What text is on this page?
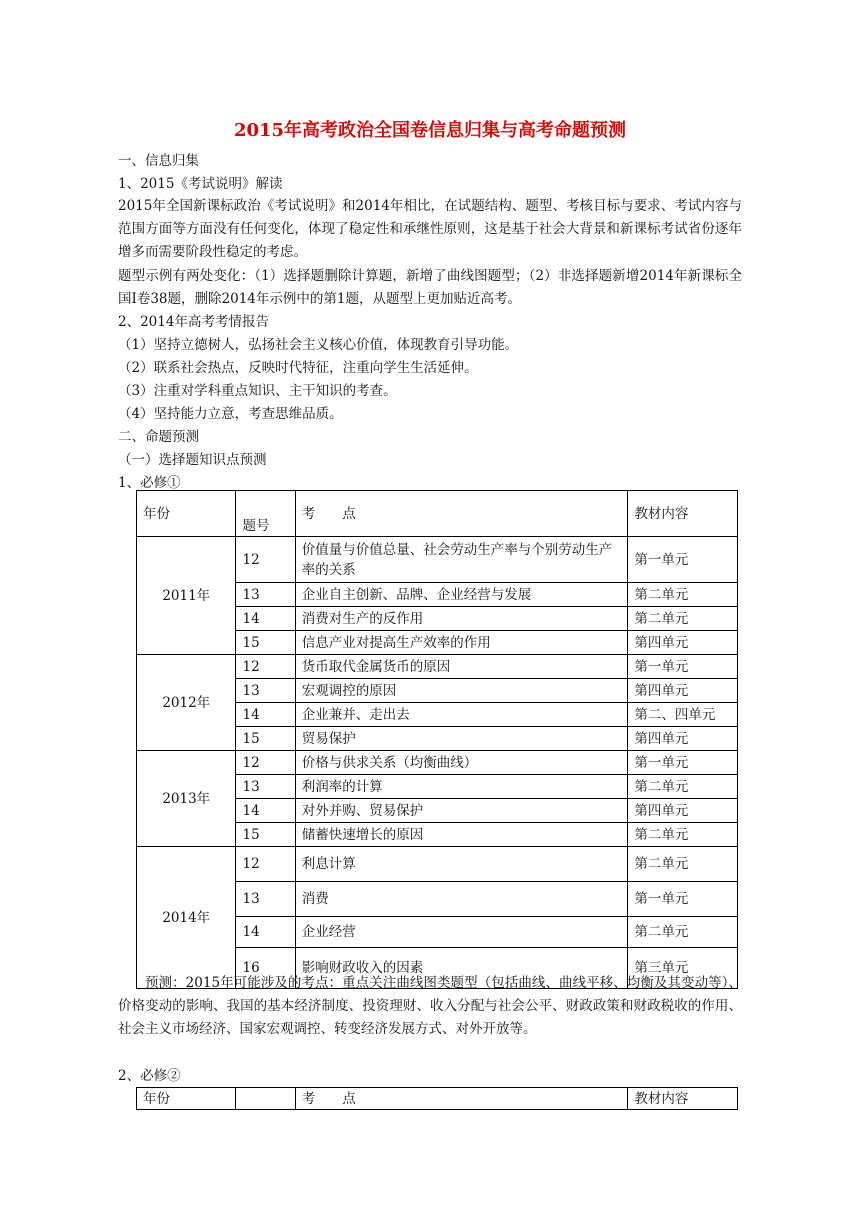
2015年高考政治全国卷信息归集与高考命题预测
一、信息归集
1、2015《考试说明》解读
2015年全国新课标政治《考试说明》和2014年相比，在试题结构、题型、考核目标与要求、考试内容与范围方面等方面没有任何变化，体现了稳定性和承继性原则，这是基于社会大背景和新课标考试省份逐年增多而需要阶段性稳定的考虑。
题型示例有两处变化：（1）选择题删除计算题，新增了曲线图题型；（2）非选择题新增2014年新课标全国Ⅰ卷38题，删除2014年示例中的第1题，从题型上更加贴近高考。
2、2014年高考考情报告
（1）坚持立德树人，弘扬社会主义核心价值，体现教育引导功能。
（2）联系社会热点，反映时代特征，注重向学生生活延伸。
（3）注重对学科重点知识、主干知识的考查。
（4）坚持能力立意，考查思维品质。
二、命题预测
（一）选择题知识点预测
1、必修①
年份	题号	考　　点	教材内容
2011年	12	价值量与价值总量、社会劳动生产率与个别劳动生产率的关系	第一单元
	13	企业自主创新、品牌、企业经营与发展	第二单元
	14	消费对生产的反作用	第二单元
	15	信息产业对提高生产效率的作用	第四单元
2012年	12	货币取代金属货币的原因	第一单元
	13	宏观调控的原因	第四单元
	14	企业兼并、走出去	第二、四单元
	15	贸易保护	第四单元
2013年	12	价格与供求关系（均衡曲线）	第一单元
	13	利润率的计算	第二单元
	14	对外并购、贸易保护	第四单元
	15	储蓄快速增长的原因	第二单元
2014年	12	利息计算	第二单元
	13	消费	第一单元
	14	企业经营	第二单元
	16	影响财政收入的因素	第三单元
预测：2015年可能涉及的考点：重点关注曲线图类题型（包括曲线、曲线平移、均衡及其变动等）、价格变动的影响、我国的基本经济制度、投资理财、收入分配与社会公平、财政政策和财政税收的作用、社会主义市场经济、国家宏观调控、转变经济发展方式、对外开放等。
2、必修②
年份		考　　点	教材内容
